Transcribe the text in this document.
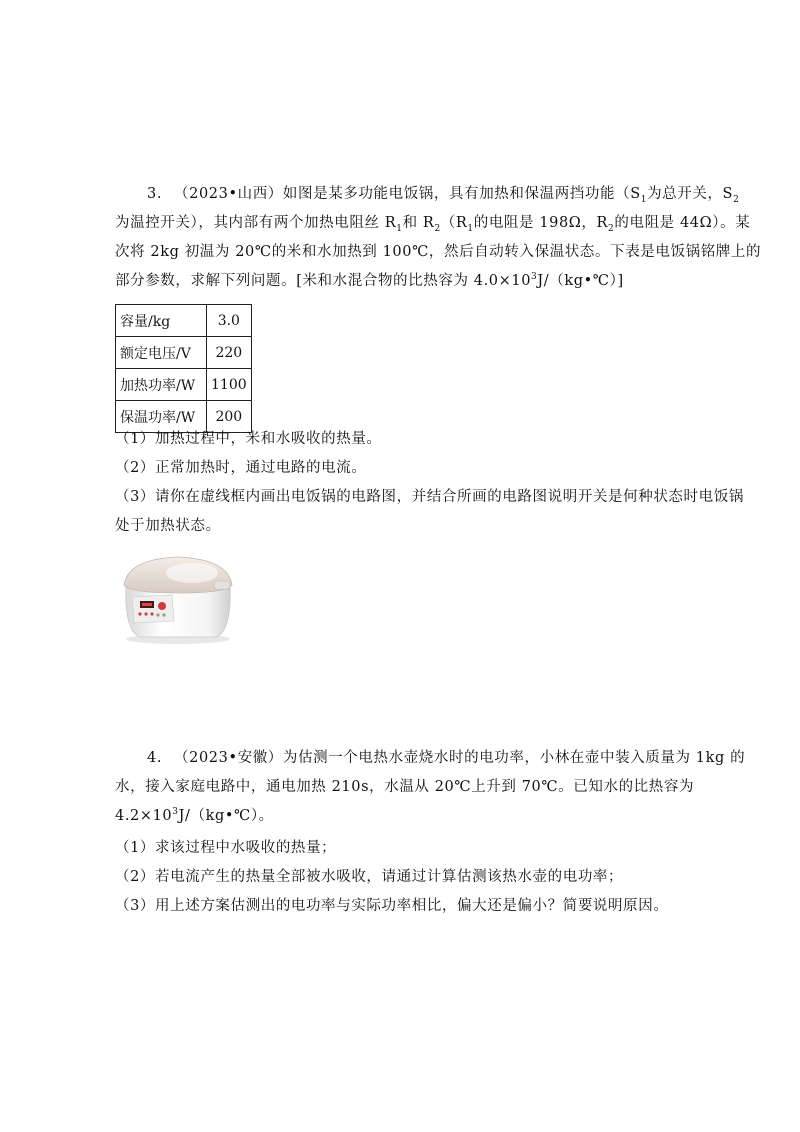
3. （2023•山西）如图是某多功能电饭锅，具有加热和保温两挡功能（$S_1$为总开关，$S_2$
为温控开关），其内部有两个加热电阻丝 $R_1$和 $R_2(R_1$的电阻是 198Ω，$R_2$的电阻是 44Ω）。某
次将 2kg 初温为 20℃的米和水加热到 100℃，然后自动转入保温状态。下表是电饭锅铭牌上的
部分参数，求解下列问题。[米和水混合物的比热容为 $4.0\times 10^3J/(kg•℃)$]
容量/kg	3.0
额定电压/V	220
加热功率/W	1100
保温功率/W	200
（1）加热过程中，米和水吸收的热量。
（2）正常加热时，通过电路的电流。
（3）请你在虚线框内画出电饭锅的电路图，并结合所画的电路图说明开关是何种状态时电饭锅
处于加热状态。
4. （2023•安徽）为估测一个电热水壶烧水时的电功率，小林在壶中装入质量为 1kg 的
水，接入家庭电路中，通电加热 210s，水温从 20℃上升到 70℃。已知水的比热容为
$4.2\times 10^3J/(kg•℃)$。
（1）求该过程中水吸收的热量；
（2）若电流产生的热量全部被水吸收，请通过计算估测该热水壶的电功率；
（3）用上述方案估测出的电功率与实际功率相比，偏大还是偏小？简要说明原因。
